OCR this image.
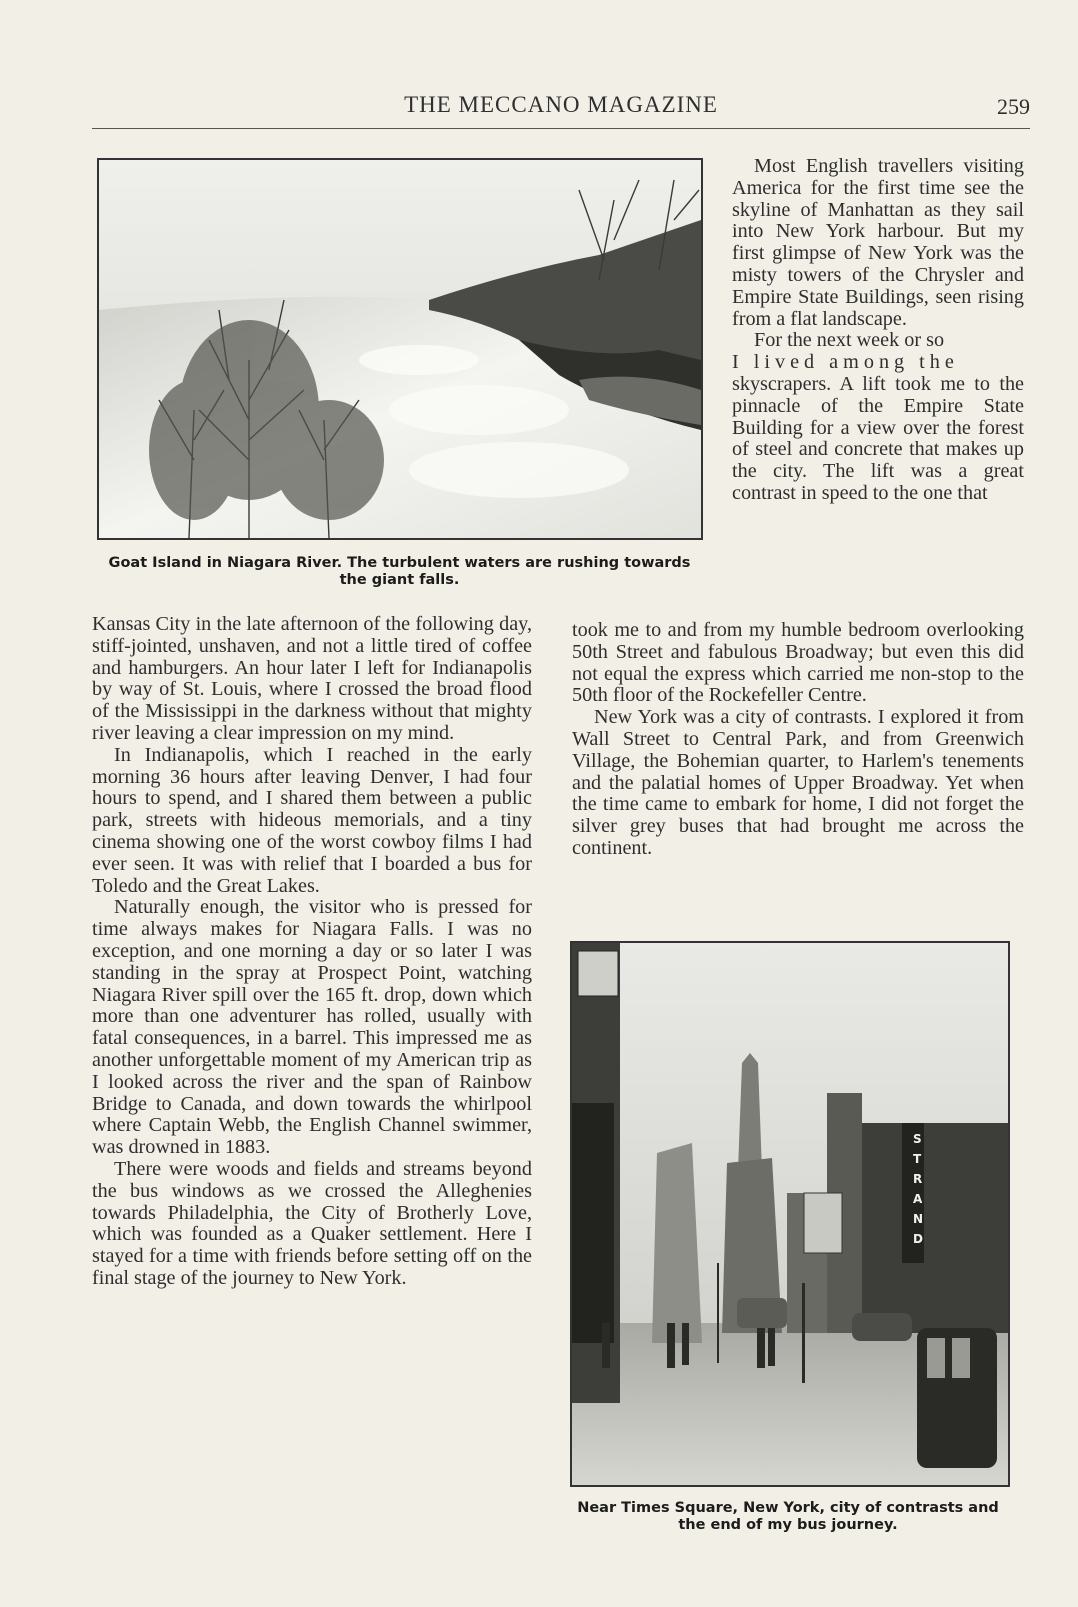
THE MECCANO MAGAZINE	259
Goat Island in Niagara River. The turbulent waters are rushing towards the giant falls.

Most English travellers visiting America for the first time see the skyline of Manhattan as they sail into New York harbour. But my first glimpse of New York was the misty towers of the Chrysler and Empire State Buildings, seen rising from a flat landscape.

For the next week or so

I lived among the

skyscrapers. A lift took me to the pinnacle of the Empire State Building for a view over the forest of steel and concrete that makes up the city. The lift was a great contrast in speed to the one that

Kansas City in the late afternoon of the following day, stiff-jointed, unshaven, and not a little tired of coffee and hamburgers. An hour later I left for Indianapolis by way of St. Louis, where I crossed the broad flood of the Mississippi in the darkness without that mighty river leaving a clear impression on my mind.

In Indianapolis, which I reached in the early morning 36 hours after leaving Denver, I had four hours to spend, and I shared them between a public park, streets with hideous memorials, and a tiny cinema showing one of the worst cowboy films I had ever seen. It was with relief that I boarded a bus for Toledo and the Great Lakes.

Naturally enough, the visitor who is pressed for time always makes for Niagara Falls. I was no exception, and one morning a day or so later I was standing in the spray at Prospect Point, watching Niagara River spill over the 165 ft. drop, down which more than one adventurer has rolled, usually with fatal consequences, in a barrel. This impressed me as another unforgettable moment of my American trip as I looked across the river and the span of Rainbow Bridge to Canada, and down towards the whirlpool where Captain Webb, the English Channel swimmer, was drowned in 1883.

There were woods and fields and streams beyond the bus windows as we crossed the Alleghenies towards Philadelphia, the City of Brotherly Love, which was founded as a Quaker settlement. Here I stayed for a time with friends before setting off on the final stage of the journey to New York.

took me to and from my humble bedroom overlooking 50th Street and fabulous Broadway; but even this did not equal the express which carried me non-stop to the 50th floor of the Rockefeller Centre.

New York was a city of contrasts. I explored it from Wall Street to Central Park, and from Greenwich Village, the Bohemian quarter, to Harlem's tenements and the palatial homes of Upper Broadway. Yet when the time came to embark for home, I did not forget the silver grey buses that had brought me across the continent.

S
T
R
A
N
D
Near Times Square, New York, city of contrasts and the end of my bus journey.
